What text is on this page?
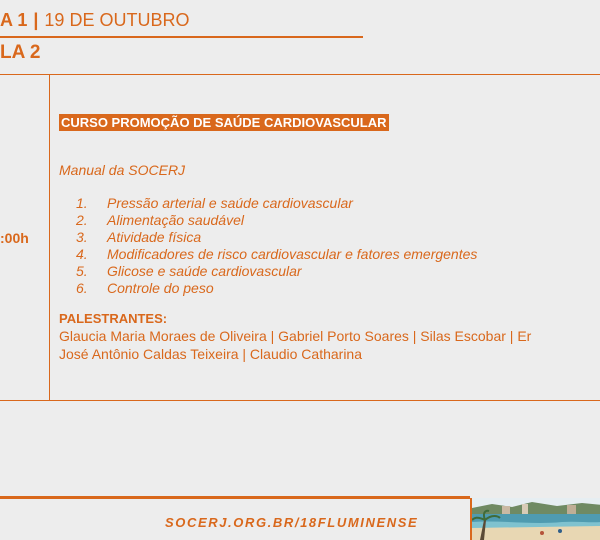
A 1 | 19 DE OUTUBRO
LA 2
:00h
CURSO PROMOÇÃO DE SAÚDE CARDIOVASCULAR
Manual da SOCERJ
1.	Pressão arterial e saúde cardiovascular
2.	Alimentação saudável
3.	Atividade física
4.	Modificadores de risco cardiovascular e fatores emergentes
5.	Glicose e saúde cardiovascular
6.	Controle do peso
PALESTRANTES:
Glaucia Maria Moraes de Oliveira | Gabriel Porto Soares | Silas Escobar | Er
José Antônio Caldas Teixeira | Claudio Catharina
SOCERJ.ORG.BR/18FLUMINENSE
